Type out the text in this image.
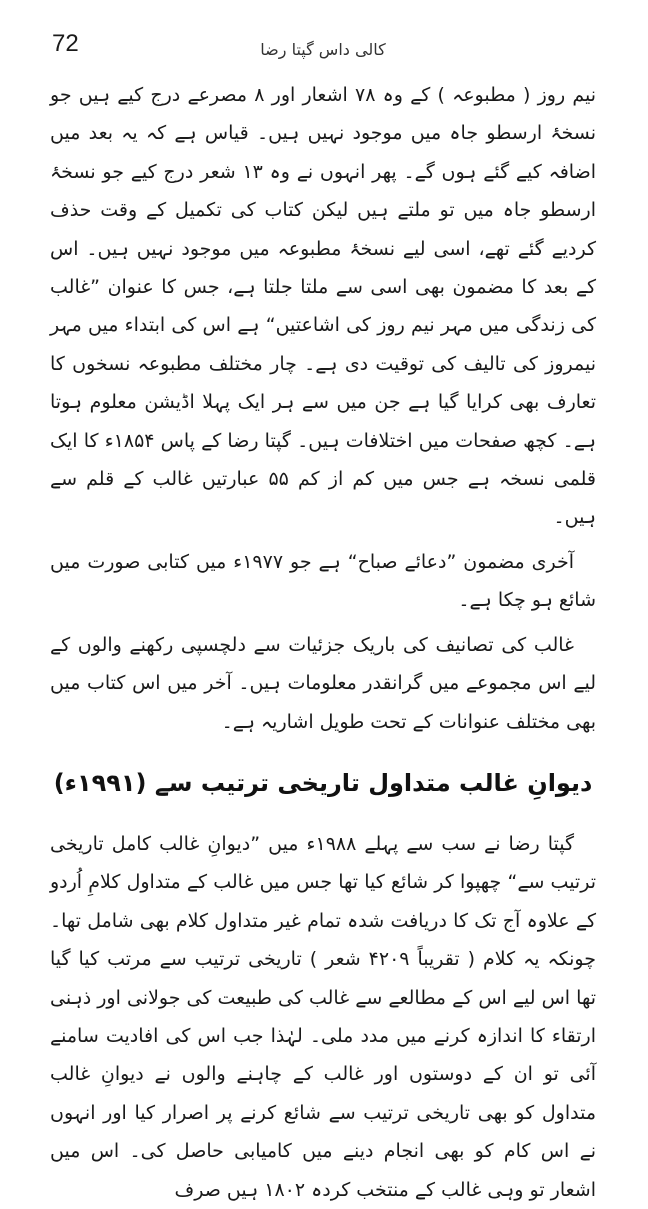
72	کالی داس گپتا رضا

نیم روز ( مطبوعہ ) کے وہ ۷۸ اشعار اور ۸ مصرعے درج کیے ہیں جو نسخۂ ارسطو جاہ میں موجود نہیں ہیں۔ قیاس ہے کہ یہ بعد میں اضافہ کیے گئے ہوں گے۔ پھر انہوں نے وہ ۱۳ شعر درج کیے جو نسخۂ ارسطو جاہ میں تو ملتے ہیں لیکن کتاب کی تکمیل کے وقت حذف کردیے گئے تھے، اسی لیے نسخۂ مطبوعہ میں موجود نہیں ہیں۔ اس کے بعد کا مضمون بھی اسی سے ملتا جلتا ہے، جس کا عنوان ”غالب کی زندگی میں مہر نیم روز کی اشاعتیں“ ہے اس کی ابتداء میں مہر نیمروز کی تالیف کی توقیت دی ہے۔ چار مختلف مطبوعہ نسخوں کا تعارف بھی کرایا گیا ہے جن میں سے ہر ایک پہلا اڈیشن معلوم ہوتا ہے۔ کچھ صفحات میں اختلافات ہیں۔ گپتا رضا کے پاس ۱۸۵۴ء کا ایک قلمی نسخہ ہے جس میں کم از کم ۵۵ عبارتیں غالب کے قلم سے ہیں۔

آخری مضمون ”دعائے صباح“ ہے جو ۱۹۷۷ء میں کتابی صورت میں شائع ہو چکا ہے۔

غالب کی تصانیف کی باریک جزئیات سے دلچسپی رکھنے والوں کے لیے اس مجموعے میں گرانقدر معلومات ہیں۔ آخر میں اس کتاب میں بھی مختلف عنوانات کے تحت طویل اشاریہ ہے۔

دیوانِ غالب متداول تاریخی ترتیب سے (۱۹۹۱ء)

گپتا رضا نے سب سے پہلے ۱۹۸۸ء میں ”دیوانِ غالب کامل تاریخی ترتیب سے“ چھپوا کر شائع کیا تھا جس میں غالب کے متداول کلامِ اُردو کے علاوہ آج تک کا دریافت شدہ تمام غیر متداول کلام بھی شامل تھا۔ چونکہ یہ کلام ( تقریباً ۴۲۰۹ شعر ) تاریخی ترتیب سے مرتب کیا گیا تھا اس لیے اس کے مطالعے سے غالب کی طبیعت کی جولانی اور ذہنی ارتقاء کا اندازہ کرنے میں مدد ملی۔ لہٰذا جب اس کی افادیت سامنے آئی تو ان کے دوستوں اور غالب کے چاہنے والوں نے دیوانِ غالب متداول کو بھی تاریخی ترتیب سے شائع کرنے پر اصرار کیا اور انہوں نے اس کام کو بھی انجام دینے میں کامیابی حاصل کی۔ اس میں اشعار تو وہی غالب کے منتخب کردہ ۱۸۰۲ ہیں صرف
